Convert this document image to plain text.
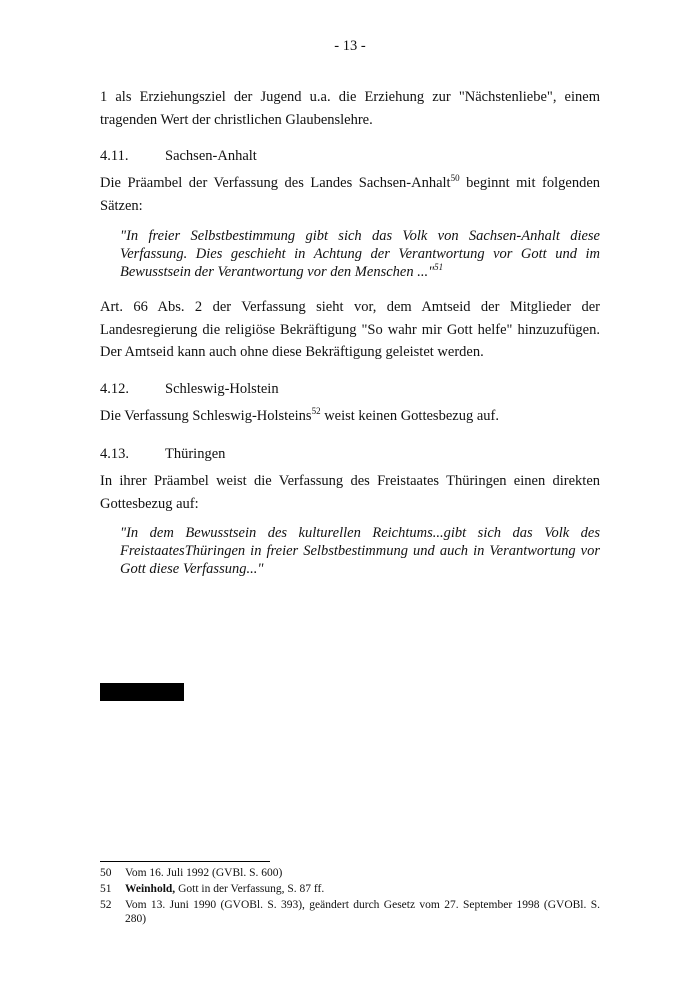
- 13 -
1 als Erziehungsziel der Jugend u.a. die Erziehung zur "Nächstenliebe", einem tragenden Wert der christlichen Glaubenslehre.
4.11.	Sachsen-Anhalt
Die Präambel der Verfassung des Landes Sachsen-Anhalt$^{50}$ beginnt mit folgenden Sätzen:
"In freier Selbstbestimmung gibt sich das Volk von Sachsen-Anhalt diese Verfassung. Dies geschieht in Achtung der Verantwortung vor Gott und im Bewusstsein der Verantwortung vor den Menschen ..."$^{51}$
Art. 66 Abs. 2 der Verfassung sieht vor, dem Amtseid der Mitglieder der Landesregierung die religiöse Bekräftigung "So wahr mir Gott helfe" hinzuzufügen. Der Amtseid kann auch ohne diese Bekräftigung geleistet werden.
4.12. Schleswig-Holstein
Die Verfassung Schleswig-Holsteins$^{52}$ weist keinen Gottesbezug auf.
4.13. Thüringen
In ihrer Präambel weist die Verfassung des Freistaates Thüringen einen direkten Gottesbezug auf:
"In dem Bewusstsein des kulturellen Reichtums...gibt sich das Volk des FreistaatesThüringen in freier Selbstbestimmung und auch in Verantwortung vor Gott diese Verfassung..."
50	Vom 16. Juli 1992 (GVBl. S. 600)
51	Weinhold, Gott in der Verfassung, S. 87 ff.
52	Vom 13. Juni 1990 (GVOBl. S. 393), geändert durch Gesetz vom 27. September 1998 (GVOBl. S. 280)
